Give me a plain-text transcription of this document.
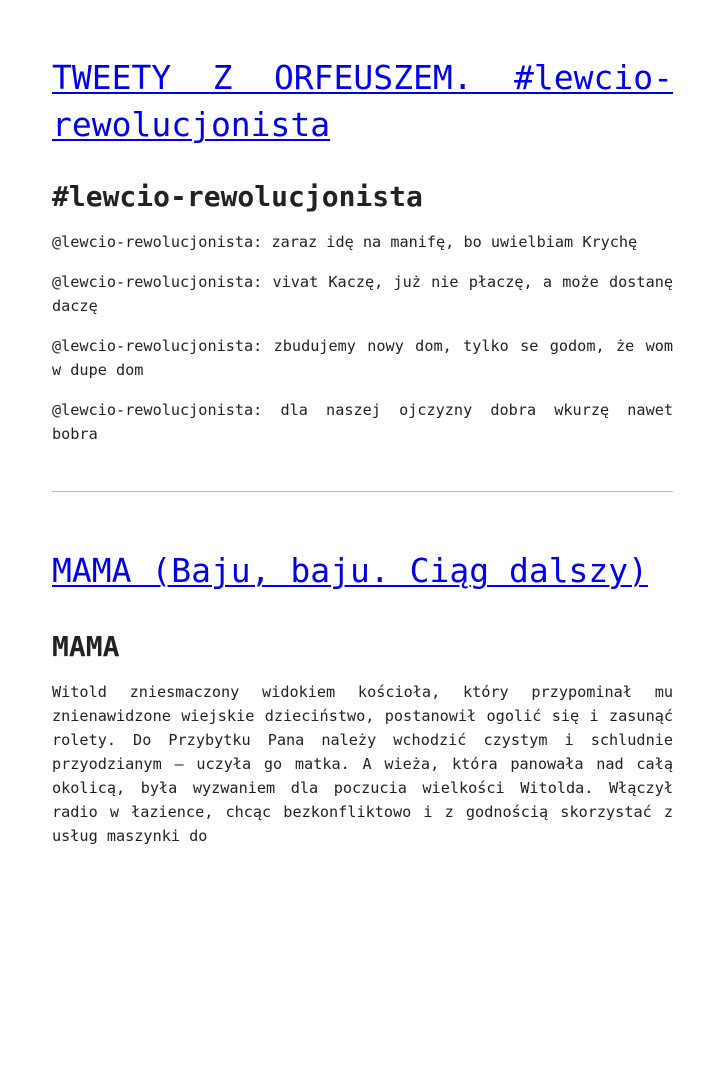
TWEETY Z ORFEUSZEM. #lewcio-rewolucjonista
#lewcio-rewolucjonista

@lewcio-rewolucjonista: zaraz idę na manifę, bo uwielbiam Krychę

@lewcio-rewolucjonista: vivat Kaczę, już nie płaczę, a może dostanę daczę

@lewcio-rewolucjonista: zbudujemy nowy dom, tylko se godom, że wom w dupe dom

@lewcio-rewolucjonista: dla naszej ojczyzny dobra wkurzę nawet bobra

MAMA (Baju, baju. Ciąg dalszy)
MAMA

Witold zniesmaczony widokiem kościoła, który przypominał mu znienawidzone wiejskie dzieciństwo, postanowił ogolić się i zasunąć rolety. Do Przybytku Pana należy wchodzić czystym i schludnie przyodzianym – uczyła go matka. A wieża, która panowała nad całą okolicą, była wyzwaniem dla poczucia wielkości Witolda. Włączył radio w łazience, chcąc bezkonfliktowo i z godnością skorzystać z usług maszynki do
